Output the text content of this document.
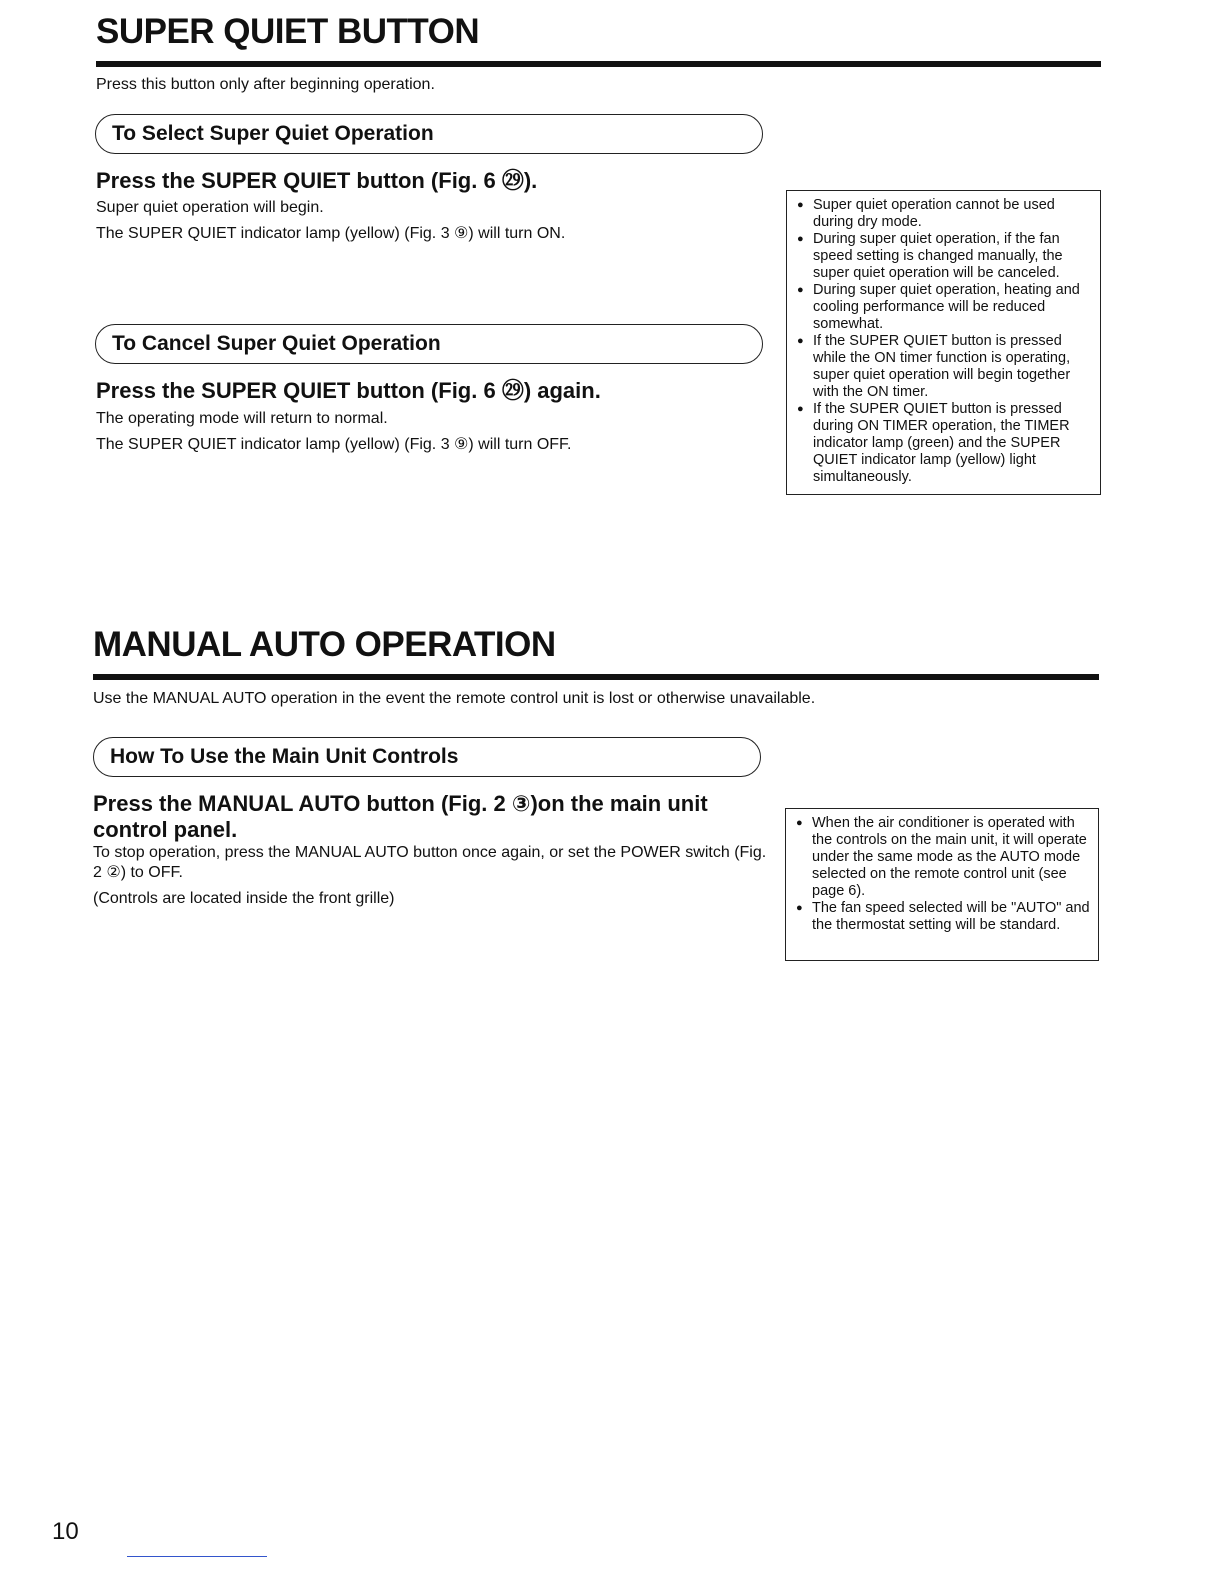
SUPER QUIET BUTTON
Press this button only after beginning operation.
To Select Super Quiet Operation
Press the SUPER QUIET button (Fig. 6 ㉙).
Super quiet operation will begin.
The SUPER QUIET indicator lamp (yellow) (Fig. 3 ⑨) will turn ON.
To Cancel Super Quiet Operation
Press the SUPER QUIET button (Fig. 6 ㉙) again.
The operating mode will return to normal.
The SUPER QUIET indicator lamp (yellow) (Fig. 3 ⑨) will turn OFF.
● Super quiet operation cannot be used during dry mode.
● During super quiet operation, if the fan speed setting is changed manually, the super quiet operation will be canceled.
● During super quiet operation, heating and cooling performance will be reduced somewhat.
● If the SUPER QUIET button is pressed while the ON timer function is operating, super quiet operation will begin together with the ON timer.
● If the SUPER QUIET button is pressed during ON TIMER operation, the TIMER indicator lamp (green) and the SUPER QUIET indicator lamp (yellow) light simultaneously.
MANUAL AUTO OPERATION
Use the MANUAL AUTO operation in the event the remote control unit is lost or otherwise unavailable.
How To Use the Main Unit Controls
Press the MANUAL AUTO button (Fig. 2 ③)on the main unit control panel.
To stop operation, press the MANUAL AUTO button once again, or set the POWER switch (Fig. 2 ②) to OFF.
(Controls are located inside the front grille)
● When the air conditioner is operated with the controls on the main unit, it will operate under the same mode as the AUTO mode selected on the remote control unit (see page 6).
● The fan speed selected will be "AUTO" and the thermostat setting will be standard.
10
